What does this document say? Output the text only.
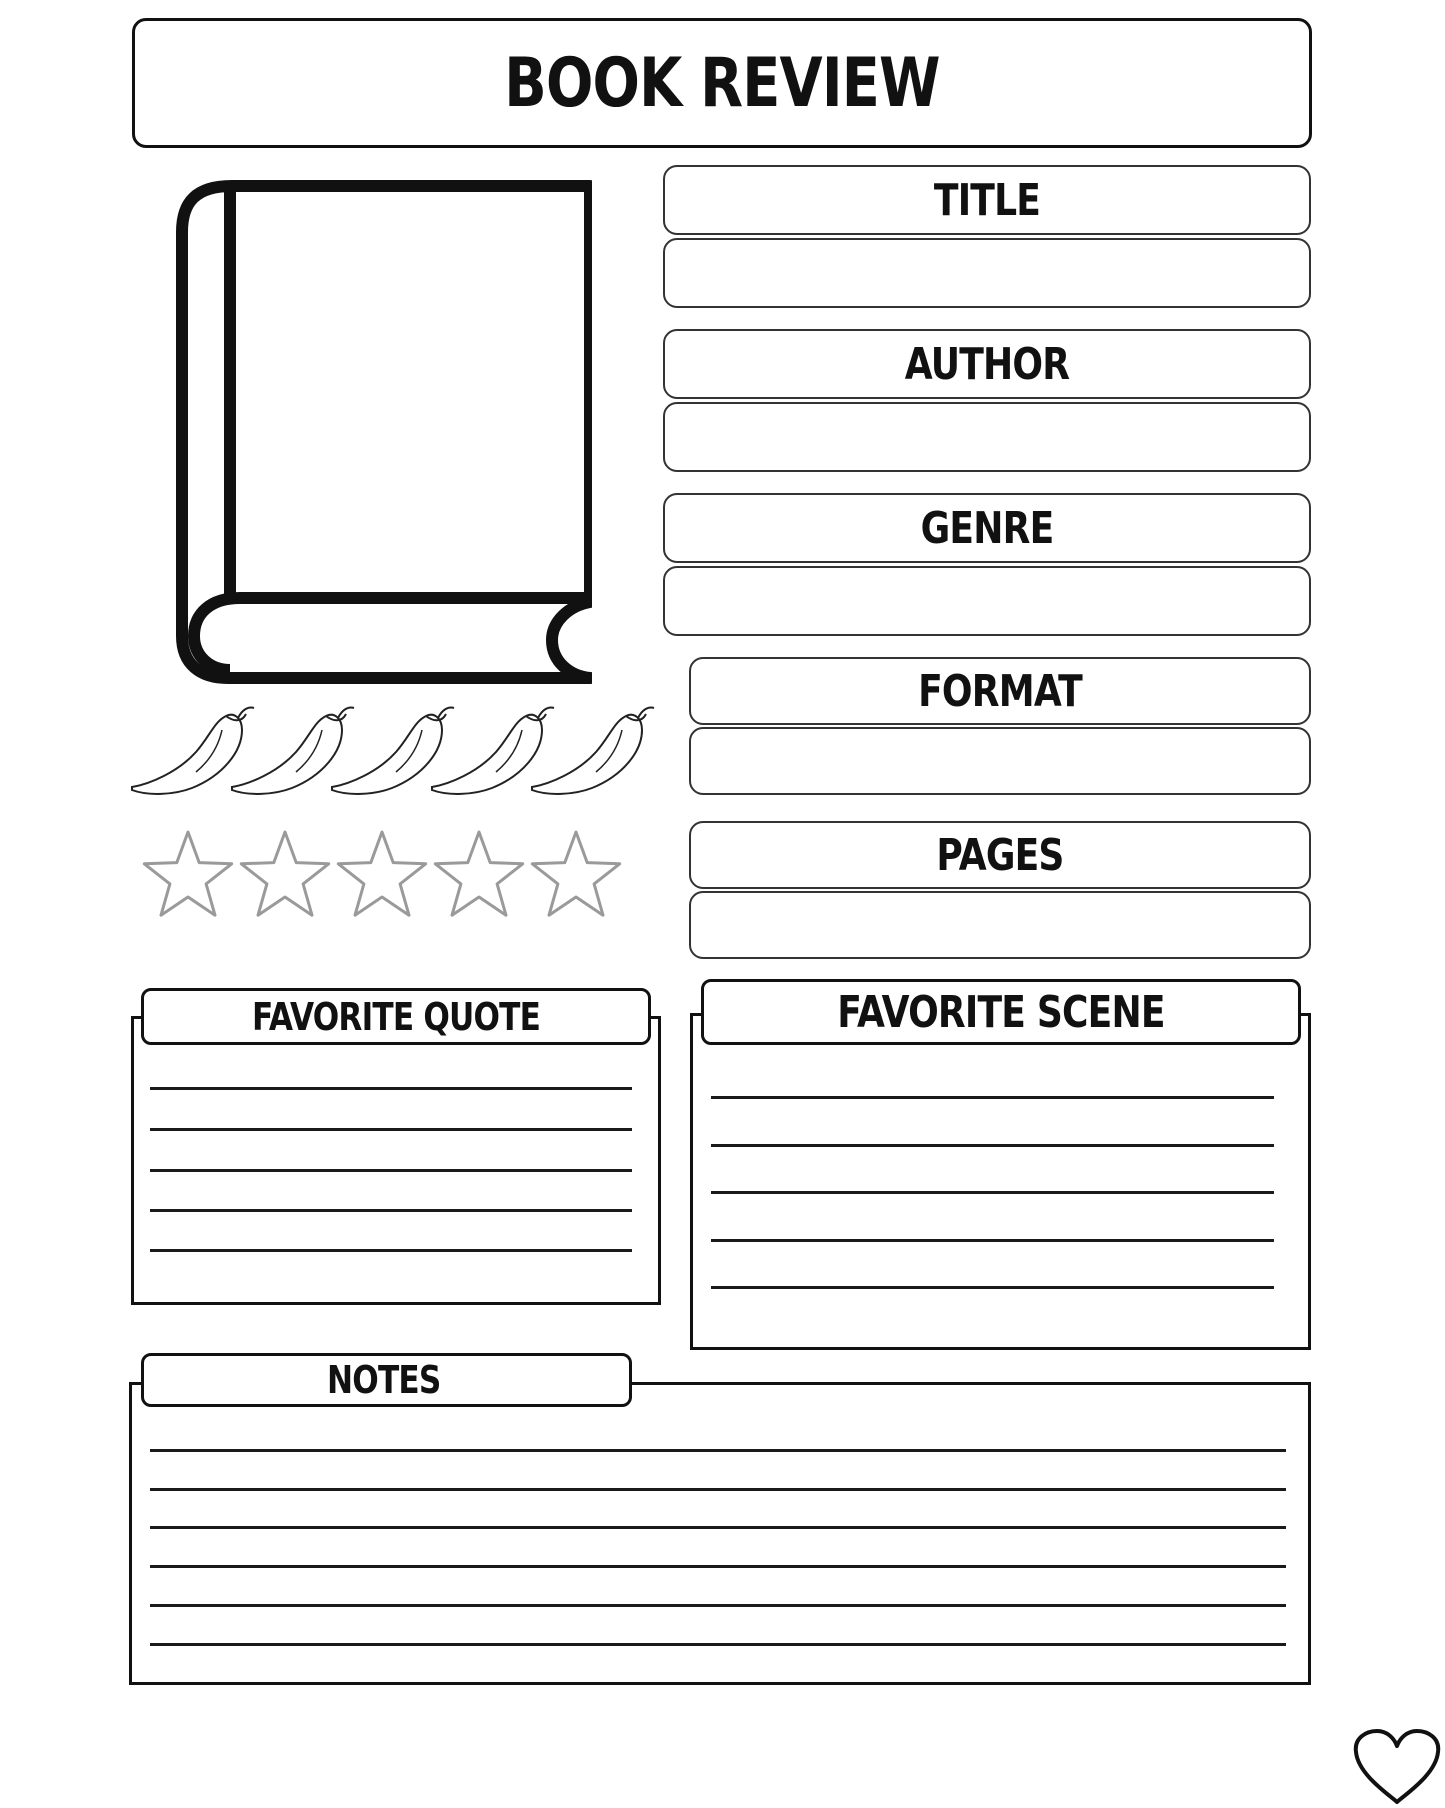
BOOK REVIEW
TITLE
AUTHOR
GENRE
FORMAT
PAGES
FAVORITE QUOTE	FAVORITE SCENE
NOTES
